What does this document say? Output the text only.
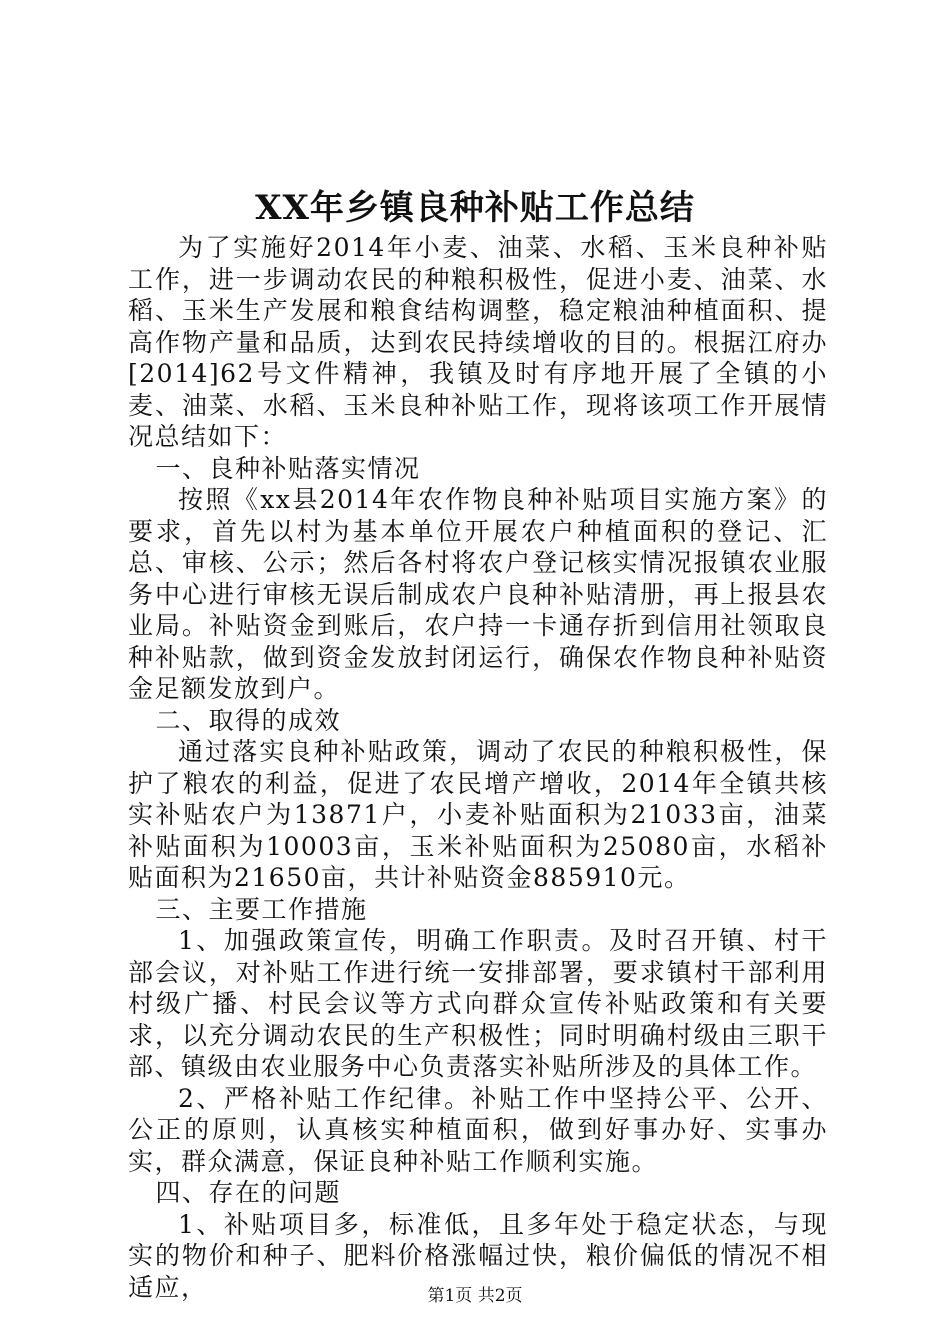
XX年乡镇良种补贴工作总结

为了实施好2014年小麦、油菜、水稻、玉米良种补贴工作，进一步调动农民的种粮积极性，促进小麦、油菜、水稻、玉米生产发展和粮食结构调整，稳定粮油种植面积、提高作物产量和品质，达到农民持续增收的目的。根据江府办[2014]62号文件精神，我镇及时有序地开展了全镇的小麦、油菜、水稻、玉米良种补贴工作，现将该项工作开展情况总结如下：

一、良种补贴落实情况

按照《xx县2014年农作物良种补贴项目实施方案》的要求，首先以村为基本单位开展农户种植面积的登记、汇总、审核、公示；然后各村将农户登记核实情况报镇农业服务中心进行审核无误后制成农户良种补贴清册，再上报县农业局。补贴资金到账后，农户持一卡通存折到信用社领取良种补贴款，做到资金发放封闭运行，确保农作物良种补贴资金足额发放到户。

二、取得的成效

通过落实良种补贴政策，调动了农民的种粮积极性，保护了粮农的利益，促进了农民增产增收，2014年全镇共核实补贴农户为13871户，小麦补贴面积为21033亩，油菜补贴面积为10003亩，玉米补贴面积为25080亩，水稻补贴面积为21650亩，共计补贴资金885910元。

三、主要工作措施

1、加强政策宣传，明确工作职责。及时召开镇、村干部会议，对补贴工作进行统一安排部署，要求镇村干部利用村级广播、村民会议等方式向群众宣传补贴政策和有关要求，以充分调动农民的生产积极性；同时明确村级由三职干部、镇级由农业服务中心负责落实补贴所涉及的具体工作。

2、严格补贴工作纪律。补贴工作中坚持公平、公开、公正的原则，认真核实种植面积，做到好事办好、实事办实，群众满意，保证良种补贴工作顺利实施。

四、存在的问题

1、补贴项目多，标准低，且多年处于稳定状态，与现实的物价和种子、肥料价格涨幅过快，粮价偏低的情况不相适应，	第1页 共2页
